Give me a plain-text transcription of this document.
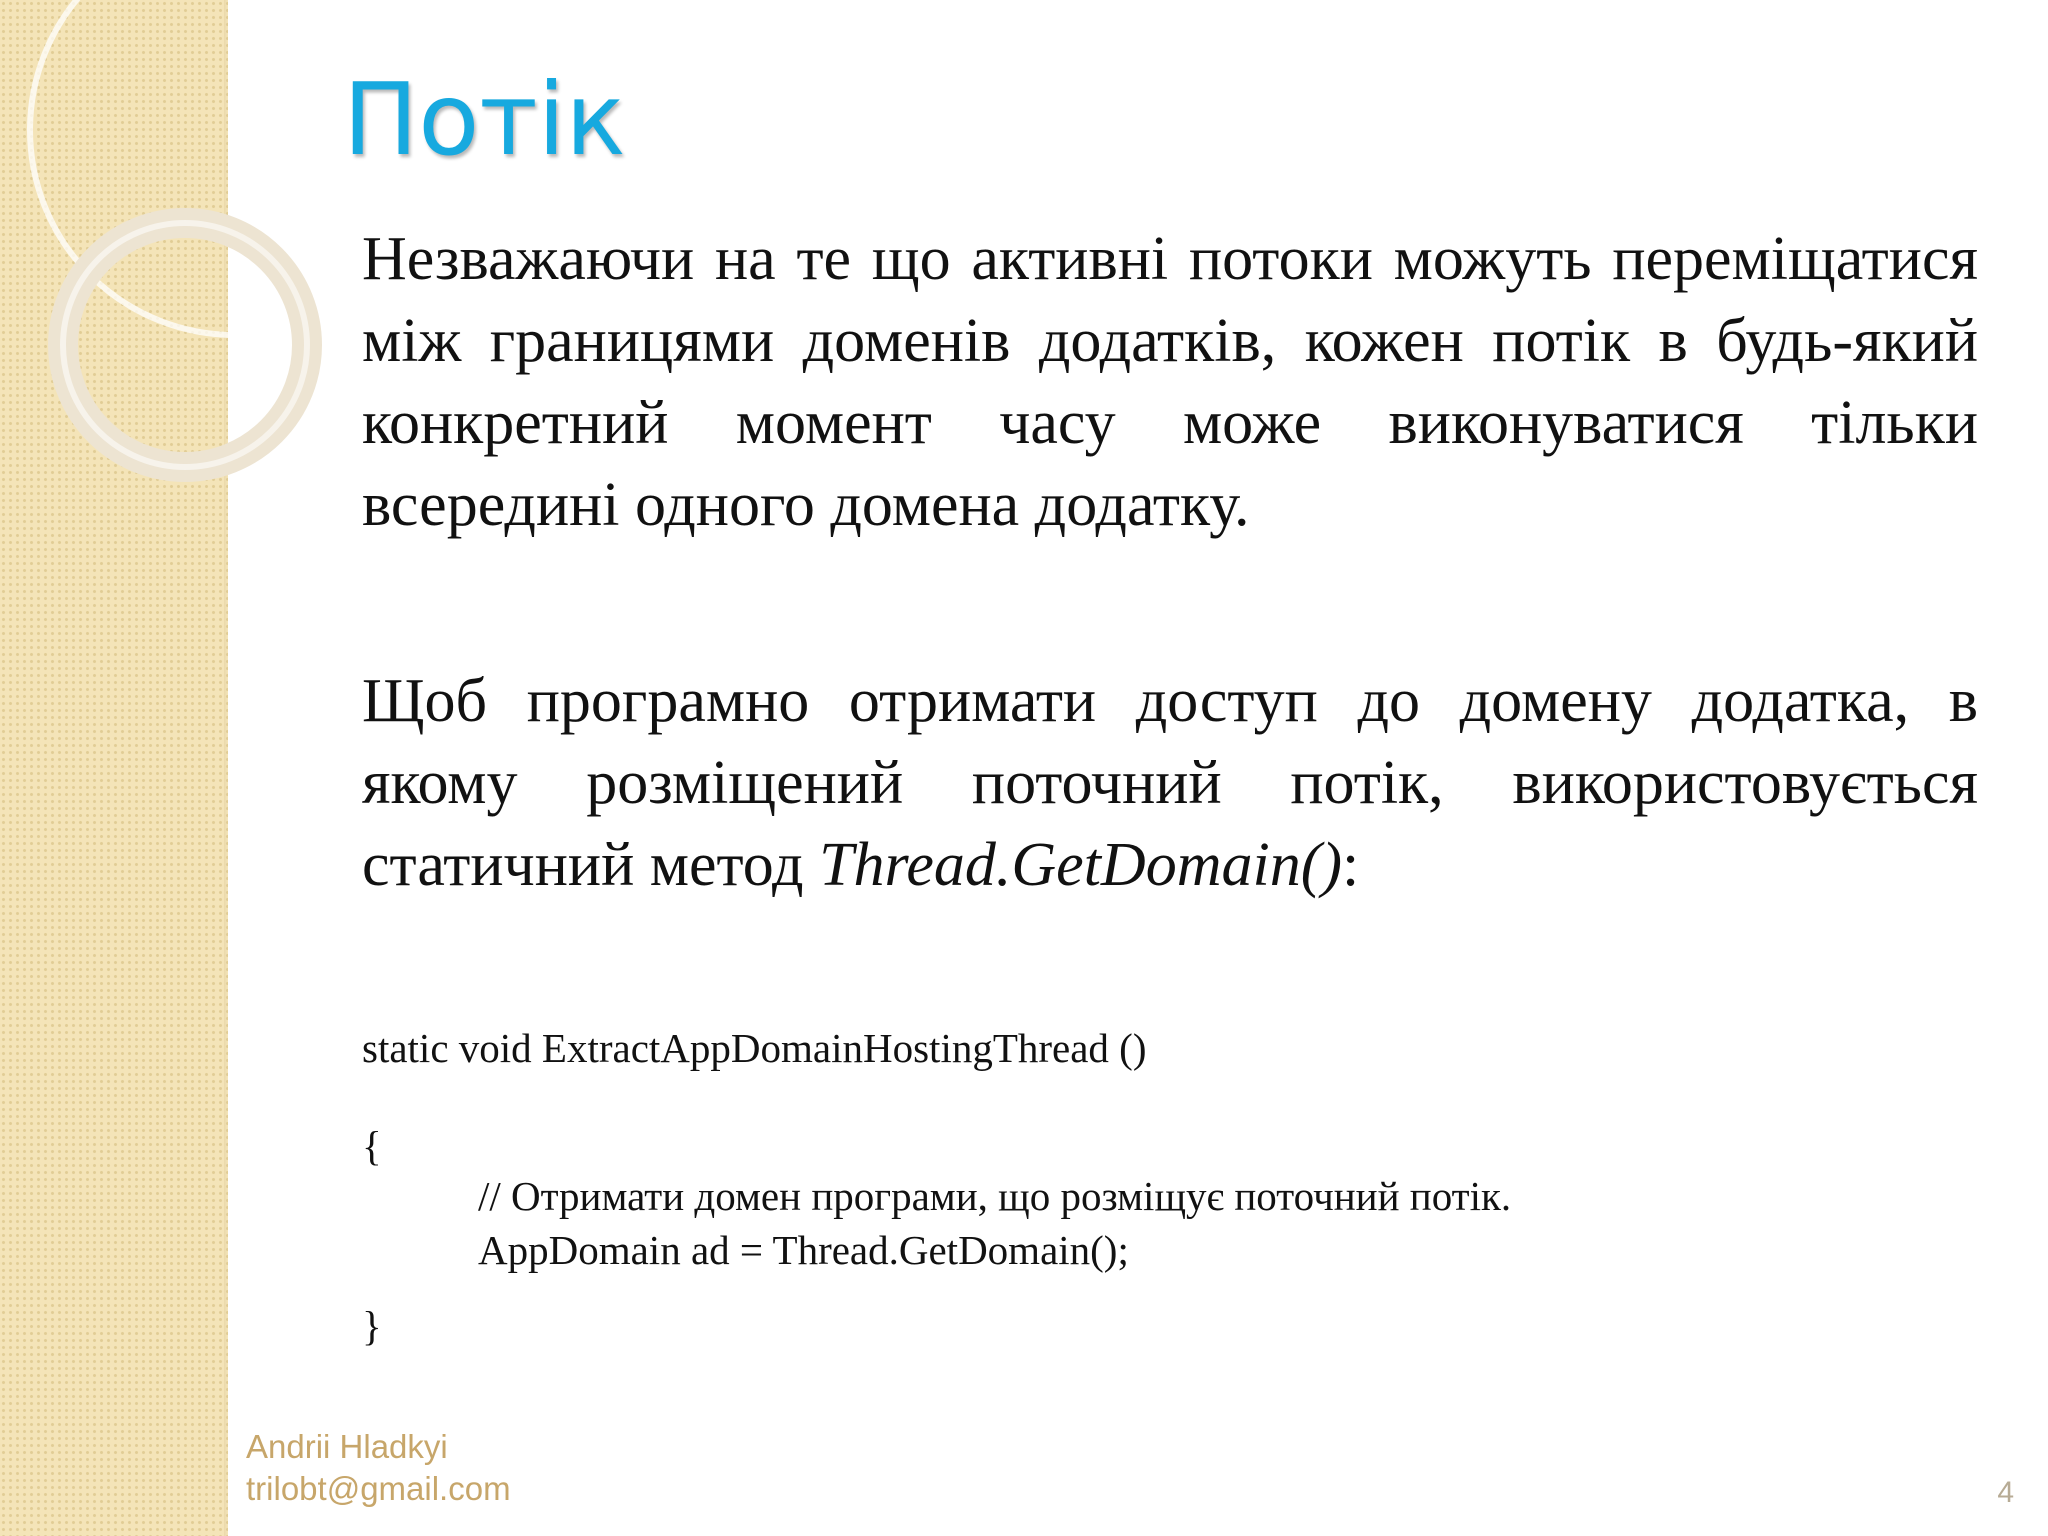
Потік

Незважаючи на те що активні потоки можуть переміщатися між границями доменів додатків, кожен потік в будь-який конкретний момент часу може виконуватися тільки всередині одного домена додатку.

Щоб програмно отримати доступ до домену додатка, в якому розміщений поточний потік, використовується статичний метод Thread.GetDomain():

static void ExtractAppDomainHostingThread ()
{
// Отримати домен програми, що розміщує поточний потік.
AppDomain ad = Thread.GetDomain();
}
Andrii Hladkyi
trilobt@gmail.com	4
